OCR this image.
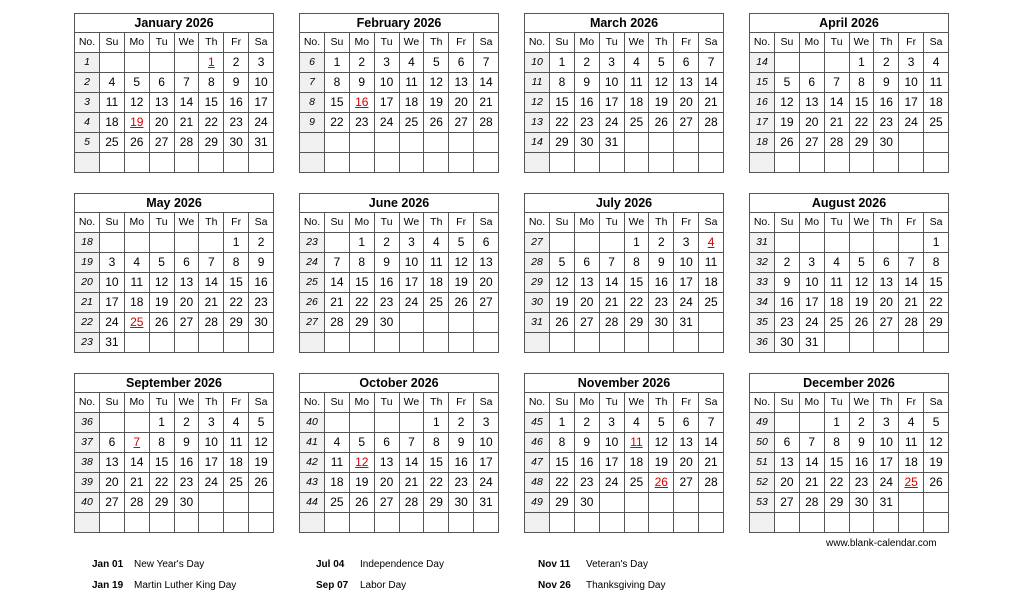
January 2026
No.	Su	Mo	Tu	We	Th	Fr	Sa
1					1	2	3
2	4	5	6	7	8	9	10
3	11	12	13	14	15	16	17
4	18	19	20	21	22	23	24
5	25	26	27	28	29	30	31

February 2026
No.	Su	Mo	Tu	We	Th	Fr	Sa
6	1	2	3	4	5	6	7
7	8	9	10	11	12	13	14
8	15	16	17	18	19	20	21
9	22	23	24	25	26	27	28

March 2026
No.	Su	Mo	Tu	We	Th	Fr	Sa
10	1	2	3	4	5	6	7
11	8	9	10	11	12	13	14
12	15	16	17	18	19	20	21
13	22	23	24	25	26	27	28
14	29	30	31				

April 2026
No.	Su	Mo	Tu	We	Th	Fr	Sa
14				1	2	3	4
15	5	6	7	8	9	10	11
16	12	13	14	15	16	17	18
17	19	20	21	22	23	24	25
18	26	27	28	29	30		

May 2026
No.	Su	Mo	Tu	We	Th	Fr	Sa
18						1	2
19	3	4	5	6	7	8	9
20	10	11	12	13	14	15	16
21	17	18	19	20	21	22	23
22	24	25	26	27	28	29	30
23	31						
June 2026
No.	Su	Mo	Tu	We	Th	Fr	Sa
23		1	2	3	4	5	6
24	7	8	9	10	11	12	13
25	14	15	16	17	18	19	20
26	21	22	23	24	25	26	27
27	28	29	30				

July 2026
No.	Su	Mo	Tu	We	Th	Fr	Sa
27				1	2	3	4
28	5	6	7	8	9	10	11
29	12	13	14	15	16	17	18
30	19	20	21	22	23	24	25
31	26	27	28	29	30	31	

August 2026
No.	Su	Mo	Tu	We	Th	Fr	Sa
31							1
32	2	3	4	5	6	7	8
33	9	10	11	12	13	14	15
34	16	17	18	19	20	21	22
35	23	24	25	26	27	28	29
36	30	31					
September 2026
No.	Su	Mo	Tu	We	Th	Fr	Sa
36			1	2	3	4	5
37	6	7	8	9	10	11	12
38	13	14	15	16	17	18	19
39	20	21	22	23	24	25	26
40	27	28	29	30			

October 2026
No.	Su	Mo	Tu	We	Th	Fr	Sa
40					1	2	3
41	4	5	6	7	8	9	10
42	11	12	13	14	15	16	17
43	18	19	20	21	22	23	24
44	25	26	27	28	29	30	31

November 2026
No.	Su	Mo	Tu	We	Th	Fr	Sa
45	1	2	3	4	5	6	7
46	8	9	10	11	12	13	14
47	15	16	17	18	19	20	21
48	22	23	24	25	26	27	28
49	29	30					

December 2026
No.	Su	Mo	Tu	We	Th	Fr	Sa
49			1	2	3	4	5
50	6	7	8	9	10	11	12
51	13	14	15	16	17	18	19
52	20	21	22	23	24	25	26
53	27	28	29	30	31		

www.blank-calendar.com
Jan 01 New Year's Day
Jan 19 Martin Luther King Day
Jul 04 Independence Day
Sep 07 Labor Day
Nov 11 Veteran's Day
Nov 26 Thanksgiving Day
